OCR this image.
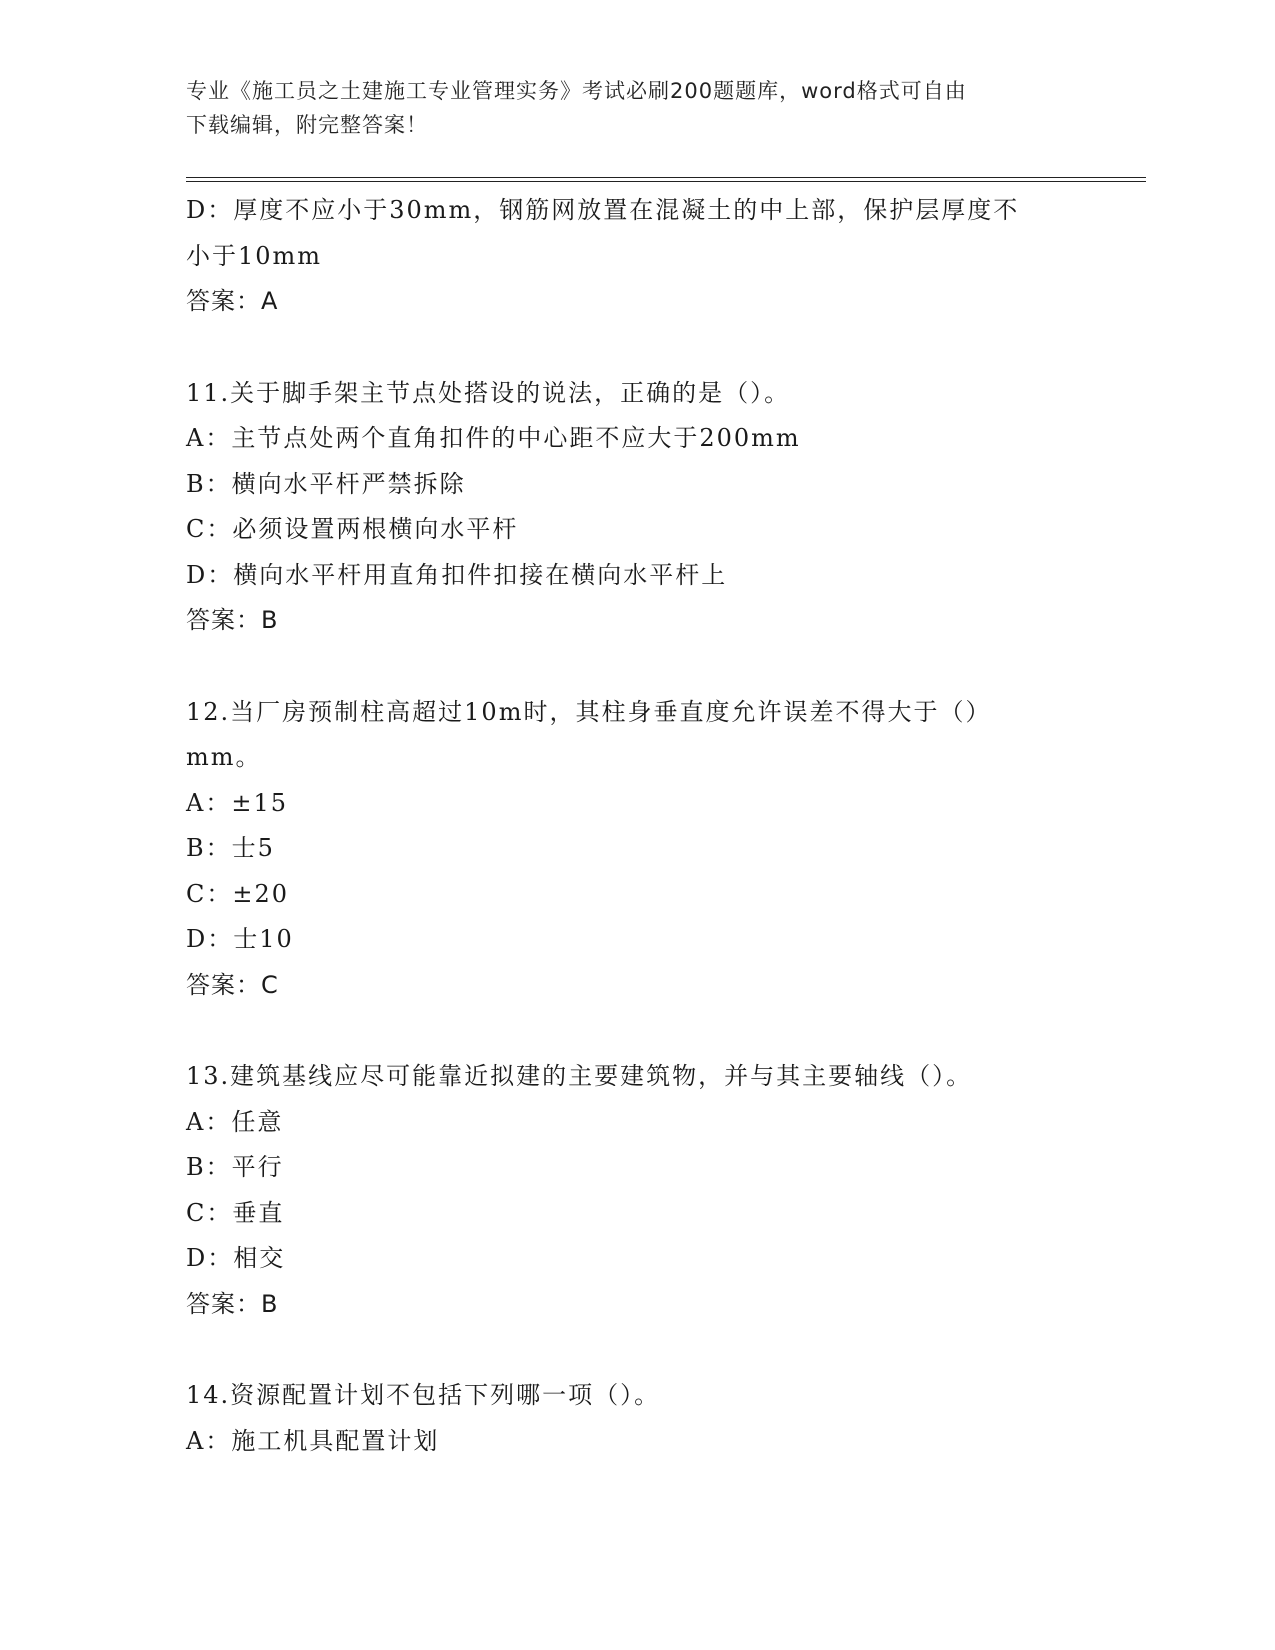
专业《施工员之土建施工专业管理实务》考试必刷200题题库，word格式可自由
下载编辑，附完整答案！

D：厚度不应小于30mm，钢筋网放置在混凝土的中上部，保护层厚度不

小于10mm

答案：A

11.关于脚手架主节点处搭设的说法，正确的是（）。

A：主节点处两个直角扣件的中心距不应大于200mm

B：横向水平杆严禁拆除

C：必须设置两根横向水平杆

D：横向水平杆用直角扣件扣接在横向水平杆上

答案：B

12.当厂房预制柱高超过10m时，其柱身垂直度允许误差不得大于（）

mm。

A：±15

B：士5

C：±20

D：士10

答案：C

13.建筑基线应尽可能靠近拟建的主要建筑物，并与其主要轴线（）。

A：任意

B：平行

C：垂直

D：相交

答案：B

14.资源配置计划不包括下列哪一项（）。

A：施工机具配置计划
